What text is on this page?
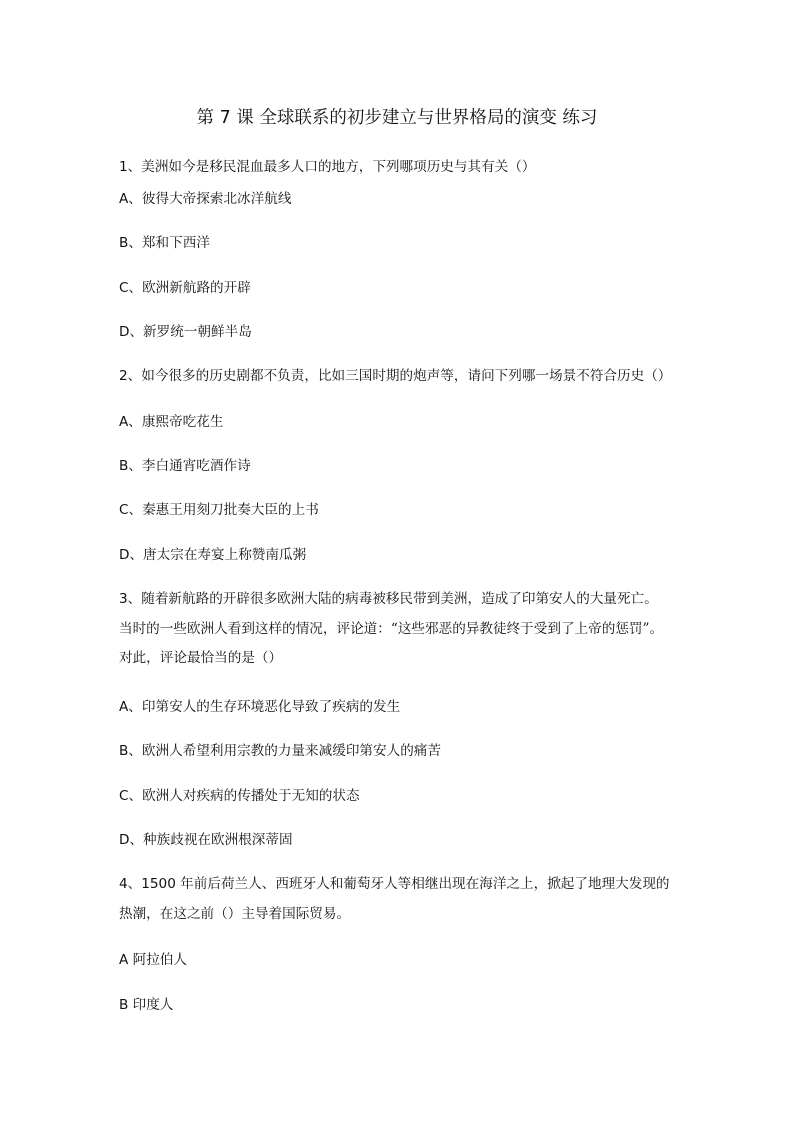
第 7 课 全球联系的初步建立与世界格局的演变 练习
1、美洲如今是移民混血最多人口的地方，下列哪项历史与其有关（）
A、彼得大帝探索北冰洋航线
B、郑和下西洋
C、欧洲新航路的开辟
D、新罗统一朝鲜半岛
2、如今很多的历史剧都不负责，比如三国时期的炮声等，请问下列哪一场景不符合历史（）
A、康熙帝吃花生
B、李白通宵吃酒作诗
C、秦惠王用刻刀批奏大臣的上书
D、唐太宗在寿宴上称赞南瓜粥
3、随着新航路的开辟很多欧洲大陆的病毒被移民带到美洲，造成了印第安人的大量死亡。
当时的一些欧洲人看到这样的情况，评论道：“这些邪恶的异教徒终于受到了上帝的惩罚”。
对此，评论最恰当的是（）
A、印第安人的生存环境恶化导致了疾病的发生
B、欧洲人希望利用宗教的力量来减缓印第安人的痛苦
C、欧洲人对疾病的传播处于无知的状态
D、种族歧视在欧洲根深蒂固
4、1500 年前后荷兰人、西班牙人和葡萄牙人等相继出现在海洋之上，掀起了地理大发现的
热潮，在这之前（）主导着国际贸易。
A 阿拉伯人
B 印度人
